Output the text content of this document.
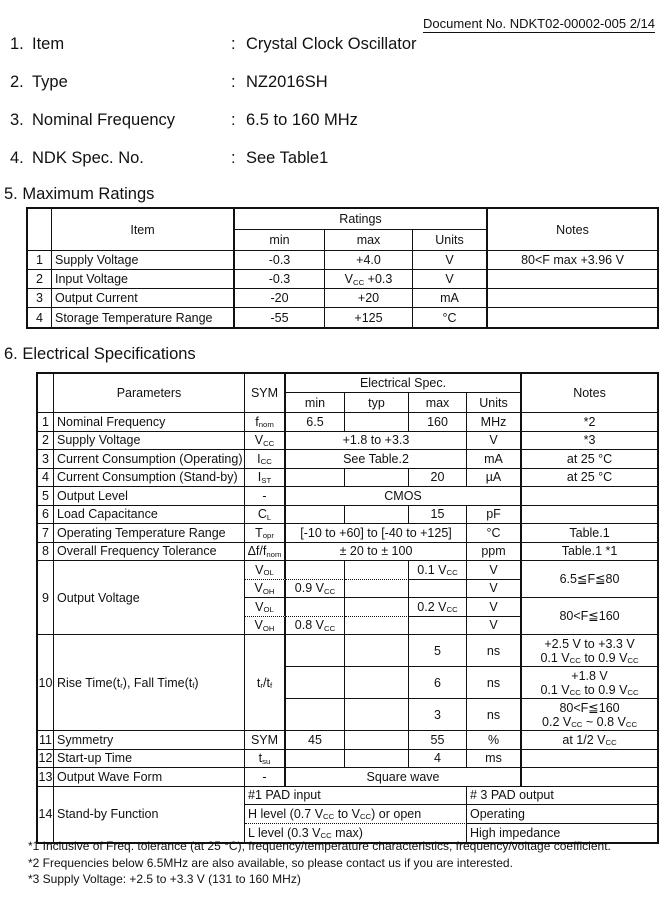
Document No. NDKT02-00002-005 2/14
1. Item	: Crystal Clock Oscillator
2. Type	: NZ2016SH
3. Nominal Frequency	: 6.5 to 160 MHz
4. NDK Spec. No.	: See Table1
5. Maximum Ratings
	Item	Ratings			Notes
		min	max	Units	
1	Supply Voltage	-0.3	+4.0	V	80<F max +3.96 V
2	Input Voltage	-0.3	$V_{CC} +0.3$	V	
3	Output Current	-20	+20	mA	
4	Storage Temperature Range	-55	+125	°C	
6. Electrical Specifications
	Parameters	SYM	Electrical Spec.				Notes
			min	typ	max	Units	
1	Nominal Frequency	$f_{nom}$	6.5		160	MHz	*2
2	Supply Voltage	$V_{CC}$	+1.8 to +3.3			V	*3
3	Current Consumption (Operating)	$I_{CC}$	See Table.2			mA	at 25 °C
4	Current Consumption (Stand-by)	$I_{ST}$			20	µA	at 25 °C
5	Output Level	-	CMOS				
6	Load Capacitance	$C_L$			15	pF	
7	Operating Temperature Range	$T_{opr}$	[-10 to +60] to [-40 to +125]			°C	Table.1
8	Overall Frequency Tolerance	$\Delta f/f_{nom}$	± 20 to ± 100			ppm	Table.1 *1
9	Output Voltage	$V_{OL}$			0.1 $V_{CC}$	V	6.5≦F≦80
		$V_{OH}$	0.9 $V_{CC}$			V	
		$V_{OL}$			0.2 $V_{CC}$	V	80<F≦160
		$V_{OH}$	0.8 $V_{CC}$			V	
10	Rise $Time(t_r)$, Fall $Time(t_f)$	$t_r/t_f$			5	ns	+2.5 V to +3.3 V
0.1 $V_{CC}$ to 0.9 $V_{CC}$

					6	ns	+1.8 V
0.1 $V_{CC}$ to 0.9 $V_{CC}$

					3	ns	80<F≦160
0.2 $V_{CC}$ ~ 0.8 $V_{CC}$

11	Symmetry	SYM	45		55	%	at 1/2 $V_{CC}$
12	Start-up Time	$t_{su}$			4	ms	
13	Output Wave Form	-	Square wave				
14	Stand-by Function	#1 PAD input				# 3 PAD output	
		H level (0.7 $V_{CC}$ to $V_{CC}$) or open				Operating	
		L level (0.3 $V_{CC}$ max)				High impedance	
*1 Inclusive of Freq. tolerance (at 25 °C), frequency/temperature characteristics, frequency/voltage coefficient.
*2 Frequencies below 6.5MHz are also available, so please contact us if you are interested.
*3 Supply Voltage: +2.5 to +3.3 V (131 to 160 MHz)
